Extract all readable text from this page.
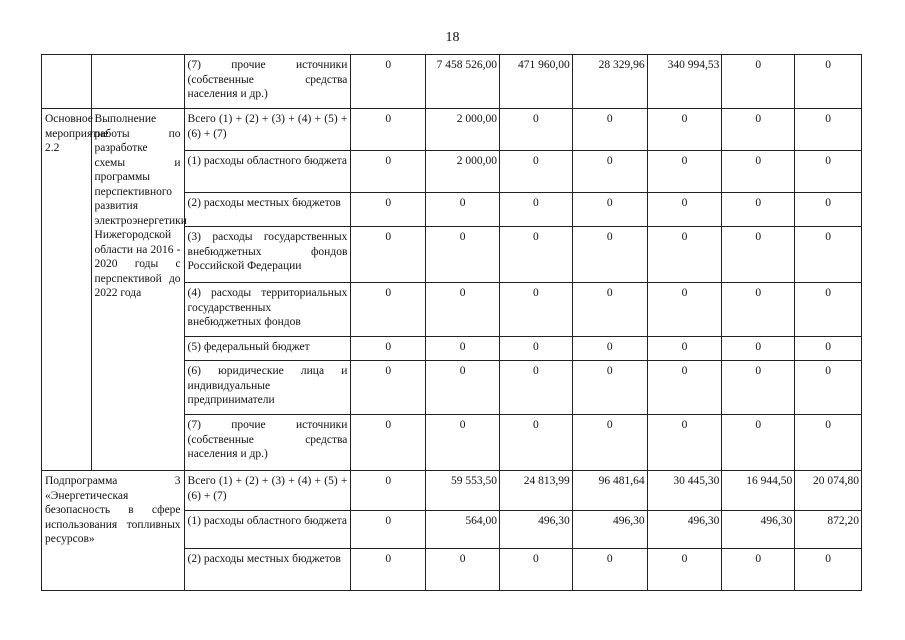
18
		(7) прочие источники (собственные средства населения и др.)	0	7 458 526,00	471 960,00	28 329,96	340 994,53	0	0
Основное мероприятие 2.2	Выполнение работы по разработке схемы и программы перспективного развития электроэнергетики Нижегородской области на 2016 - 2020 годы с перспективой до 2022 года	Всего (1) + (2) + (3) + (4) + (5) + (6) + (7)	0	2 000,00	0	0	0	0	0
		(1) расходы областного бюджета	0	2 000,00	0	0	0	0	0
		(2) расходы местных бюджетов	0	0	0	0	0	0	0
		(3) расходы государственных внебюджетных фондов Российской Федерации	0	0	0	0	0	0	0
		(4) расходы территориальных государственных внебюджетных фондов	0	0	0	0	0	0	0
		(5) федеральный бюджет	0	0	0	0	0	0	0
		(6) юридические лица и индивидуальные предприниматели	0	0	0	0	0	0	0
		(7) прочие источники (собственные средства населения и др.)	0	0	0	0	0	0	0
Подпрограмма 3 «Энергетическая безопасность в сфере использования топливных ресурсов»		Всего (1) + (2) + (3) + (4) + (5) + (6) + (7)	0	59 553,50	24 813,99	96 481,64	30 445,30	16 944,50	20 074,80
		(1) расходы областного бюджета	0	564,00	496,30	496,30	496,30	496,30	872,20
		(2) расходы местных бюджетов	0	0	0	0	0	0	0
